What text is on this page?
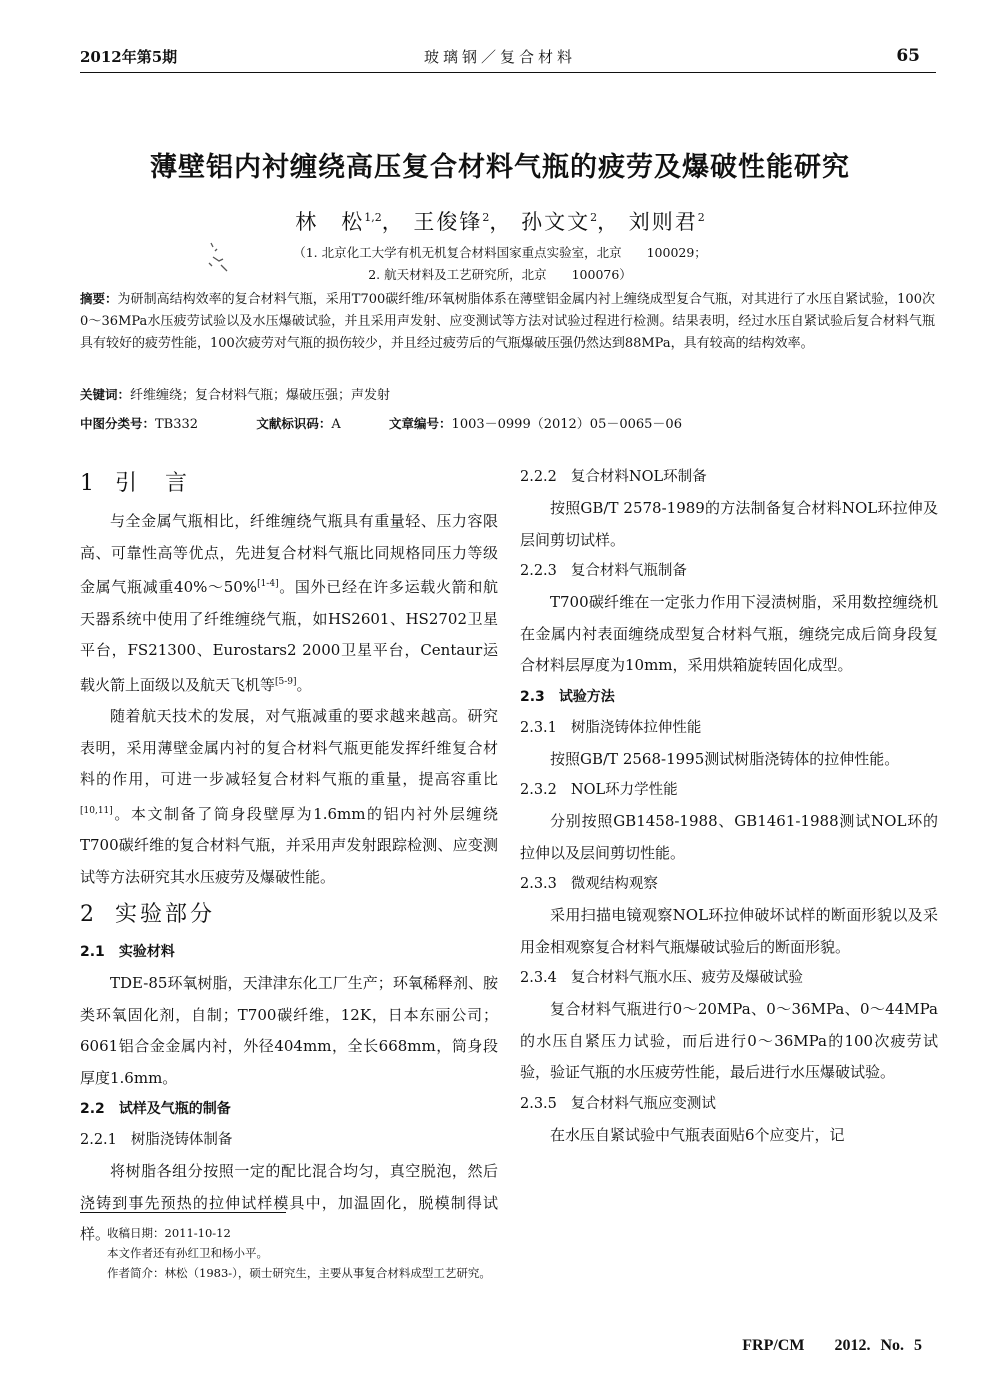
2012年第5期	玻璃钢／复合材料	65
薄壁铝内衬缠绕高压复合材料气瓶的疲劳及爆破性能研究
林　松$^{1,2}$， 王俊锋$^2$， 孙文文$^2$， 刘则君$^2$
（1. 北京化工大学有机无机复合材料国家重点实验室，北京　　100029；
2. 航天材料及工艺研究所，北京　　100076）
摘要：为研制高结构效率的复合材料气瓶，采用T700碳纤维/环氧树脂体系在薄壁铝金属内衬上缠绕成型复合气瓶，对其进行了水压自紧试验，100次0～36MPa水压疲劳试验以及水压爆破试验，并且采用声发射、应变测试等方法对试验过程进行检测。结果表明，经过水压自紧试验后复合材料气瓶具有较好的疲劳性能，100次疲劳对气瓶的损伤较少，并且经过疲劳后的气瓶爆破压强仍然达到88MPa，具有较高的结构效率。
关键词：纤维缠绕；复合材料气瓶；爆破压强；声发射
中图分类号：TB332	文献标识码：A	文章编号：1003－0999（2012）05－0065－06
1 引　言

与全金属气瓶相比，纤维缠绕气瓶具有重量轻、压力容限高、可靠性高等优点，先进复合材料气瓶比同规格同压力等级金属气瓶减重40%～50%[1-4]。国外已经在许多运载火箭和航天器系统中使用了纤维缠绕气瓶，如HS2601、HS2702卫星平台，FS21300、Eurostars2 2000卫星平台，Centaur运载火箭上面级以及航天飞机等[5-9]。

随着航天技术的发展，对气瓶减重的要求越来越高。研究表明，采用薄壁金属内衬的复合材料气瓶更能发挥纤维复合材料的作用，可进一步减轻复合材料气瓶的重量，提高容重比[10,11]。本文制备了筒身段壁厚为1.6mm的铝内衬外层缠绕T700碳纤维的复合材料气瓶，并采用声发射跟踪检测、应变测试等方法研究其水压疲劳及爆破性能。

2 实验部分
2.1 实验材料

TDE-85环氧树脂，天津津东化工厂生产；环氧稀释剂、胺类环氧固化剂，自制；T700碳纤维，12K，日本东丽公司；6061铝合金金属内衬，外径404mm，全长668mm，筒身段厚度1.6mm。

2.2 试样及气瓶的制备
2.2.1 树脂浇铸体制备

将树脂各组分按照一定的配比混合均匀，真空脱泡，然后浇铸到事先预热的拉伸试样模具中，加温固化，脱模制得试样。

2.2.2 复合材料NOL环制备

按照GB/T 2578-1989的方法制备复合材料NOL环拉伸及层间剪切试样。

2.2.3 复合材料气瓶制备

T700碳纤维在一定张力作用下浸渍树脂，采用数控缠绕机在金属内衬表面缠绕成型复合材料气瓶，缠绕完成后筒身段复合材料层厚度为10mm，采用烘箱旋转固化成型。

2.3 试验方法
2.3.1 树脂浇铸体拉伸性能

按照GB/T 2568-1995测试树脂浇铸体的拉伸性能。

2.3.2 NOL环力学性能

分别按照GB1458-1988、GB1461-1988测试NOL环的拉伸以及层间剪切性能。

2.3.3 微观结构观察

采用扫描电镜观察NOL环拉伸破坏试样的断面形貌以及采用金相观察复合材料气瓶爆破试验后的断面形貌。

2.3.4 复合材料气瓶水压、疲劳及爆破试验

复合材料气瓶进行0～20MPa、0～36MPa、0～44MPa的水压自紧压力试验，而后进行0～36MPa的100次疲劳试验，验证气瓶的水压疲劳性能，最后进行水压爆破试验。

2.3.5 复合材料气瓶应变测试

在水压自紧试验中气瓶表面贴6个应变片，记

收稿日期：2011-10-12
本文作者还有孙红卫和杨小平。
作者简介：林松（1983-），硕士研究生，主要从事复合材料成型工艺研究。
FRP/CM 2012. No. 5
